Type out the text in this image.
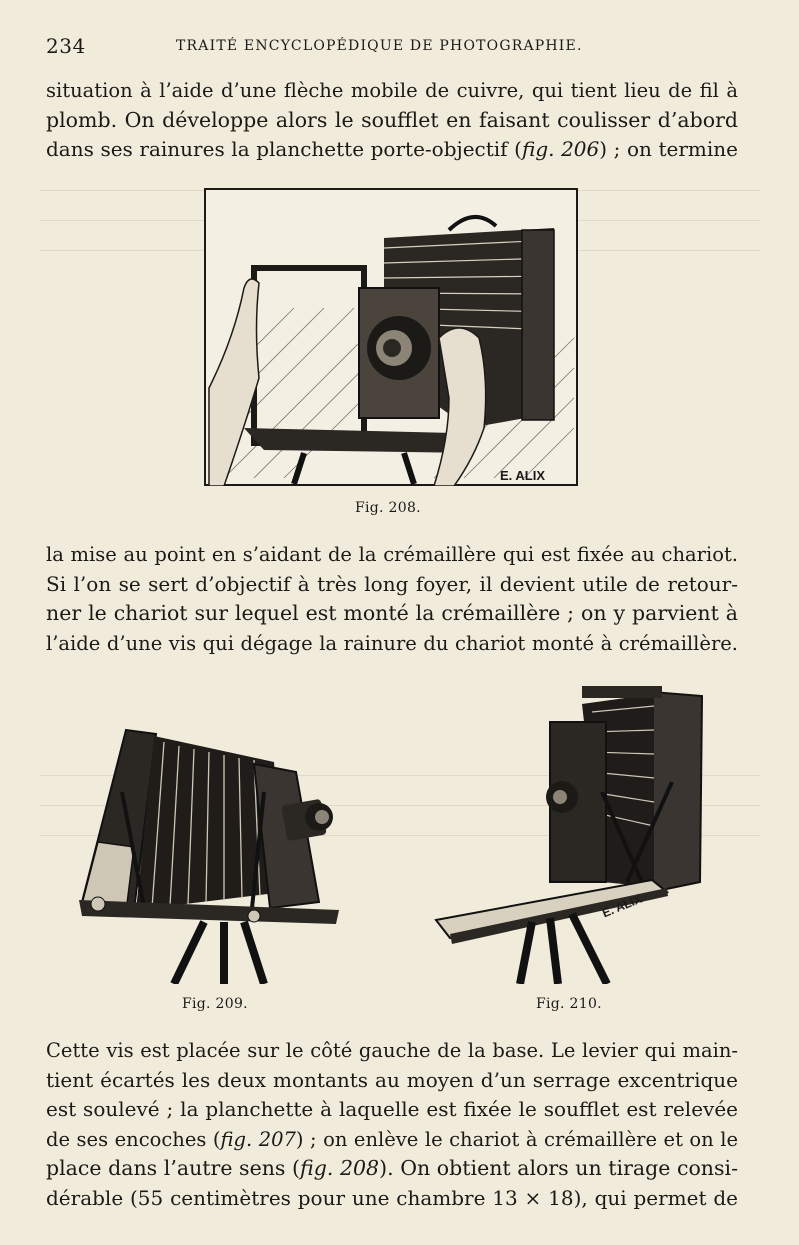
234	TRAITÉ ENCYCLOPÉDIQUE DE PHOTOGRAPHIE.
situation à l’aide d’une flèche mobile de cuivre, qui tient lieu de fil à
plomb. On développe alors le soufflet en faisant coulisser d’abord
dans ses rainures la planchette porte-objectif (fig. 206) ; on termine
E. ALIX
Fig. 208.
la mise au point en s’aidant de la crémaillère qui est fixée au chariot.
Si l’on se sert d’objectif à très long foyer, il devient utile de retour-
ner le chariot sur lequel est monté la crémaillère ; on y parvient à
l’aide d’une vis qui dégage la rainure du chariot monté à crémaillère.
Fig. 209.
E. ALIX
Fig. 210.
Cette vis est placée sur le côté gauche de la base. Le levier qui main-
tient écartés les deux montants au moyen d’un serrage excentrique
est soulevé ; la planchette à laquelle est fixée le soufflet est relevée
de ses encoches (fig. 207) ; on enlève le chariot à crémaillère et on le
place dans l’autre sens (fig. 208). On obtient alors un tirage consi-
dérable (55 centimètres pour une chambre 13 × 18), qui permet de
